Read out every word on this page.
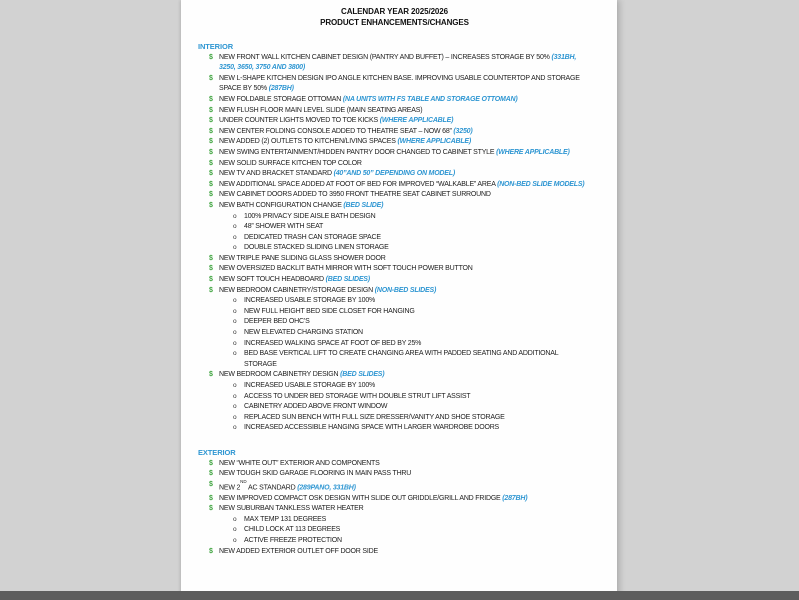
CALENDAR YEAR 2025/2026
PRODUCT ENHANCEMENTS/CHANGES
INTERIOR
$ NEW FRONT WALL KITCHEN CABINET DESIGN (PANTRY AND BUFFET) – INCREASES STORAGE BY 50% (331BH, 3250, 3650, 3750 AND 3800)
$ NEW L-SHAPE KITCHEN DESIGN IPO ANGLE KITCHEN BASE. IMPROVING USABLE COUNTERTOP AND STORAGE SPACE BY 50% (287BH)
$ NEW FOLDABLE STORAGE OTTOMAN (NA UNITS WITH FS TABLE AND STORAGE OTTOMAN)
$ NEW FLUSH FLOOR MAIN LEVEL SLIDE (MAIN SEATING AREAS)
$ UNDER COUNTER LIGHTS MOVED TO TOE KICKS (WHERE APPLICABLE)
$ NEW CENTER FOLDING CONSOLE ADDED TO THEATRE SEAT – NOW 68” (3250)
$ NEW ADDED (2) OUTLETS TO KITCHEN/LIVING SPACES (WHERE APPLICABLE)
$ NEW SWING ENTERTAINMENT/HIDDEN PANTRY DOOR CHANGED TO CABINET STYLE (WHERE APPLICABLE)
$ NEW SOLID SURFACE KITCHEN TOP COLOR
$ NEW TV AND BRACKET STANDARD (40”AND 50” DEPENDING ON MODEL)
$ NEW ADDITIONAL SPACE ADDED AT FOOT OF BED FOR IMPROVED “WALKABLE” AREA (NON-BED SLIDE MODELS)
$ NEW CABINET DOORS ADDED TO 3950 FRONT THEATRE SEAT CABINET SURROUND
$ NEW BATH CONFIGURATION CHANGE (BED SLIDE)
o	100% PRIVACY SIDE AISLE BATH DESIGN
o	48” SHOWER WITH SEAT
o	DEDICATED TRASH CAN STORAGE SPACE
o	DOUBLE STACKED SLIDING LINEN STORAGE
$ NEW TRIPLE PANE SLIDING GLASS SHOWER DOOR
$ NEW OVERSIZED BACKLIT BATH MIRROR WITH SOFT TOUCH POWER BUTTON
$ NEW SOFT TOUCH HEADBOARD (BED SLIDES)
$ NEW BEDROOM CABINETRY/STORAGE DESIGN (NON-BED SLIDES)
o	INCREASED USABLE STORAGE BY 100%
o	NEW FULL HEIGHT BED SIDE CLOSET FOR HANGING
o	DEEPER BED OHC’S
o	NEW ELEVATED CHARGING STATION
o	INCREASED WALKING SPACE AT FOOT OF BED BY 25%
o	BED BASE VERTICAL LIFT TO CREATE CHANGING AREA WITH PADDED SEATING AND ADDITIONAL STORAGE
$ NEW BEDROOM CABINETRY DESIGN (BED SLIDES)
o	INCREASED USABLE STORAGE BY 100%
o	ACCESS TO UNDER BED STORAGE WITH DOUBLE STRUT LIFT ASSIST
o	CABINETRY ADDED ABOVE FRONT WINDOW
o	REPLACED SUN BENCH WITH FULL SIZE DRESSER/VANITY AND SHOE STORAGE
o	INCREASED ACCESSIBLE HANGING SPACE WITH LARGER WARDROBE DOORS
EXTERIOR
$ NEW “WHITE OUT” EXTERIOR AND COMPONENTS
$ NEW TOUGH SKID GARAGE FLOORING IN MAIN PASS THRU
$ NEW 2ND AC STANDARD (289PANO, 331BH)
$ NEW IMPROVED COMPACT OSK DESIGN WITH SLIDE OUT GRIDDLE/GRILL AND FRIDGE (287BH)
$ NEW SUBURBAN TANKLESS WATER HEATER
o	MAX TEMP 131 DEGREES
o	CHILD LOCK AT 113 DEGREES
o	ACTIVE FREEZE PROTECTION
$ NEW ADDED EXTERIOR OUTLET OFF DOOR SIDE
